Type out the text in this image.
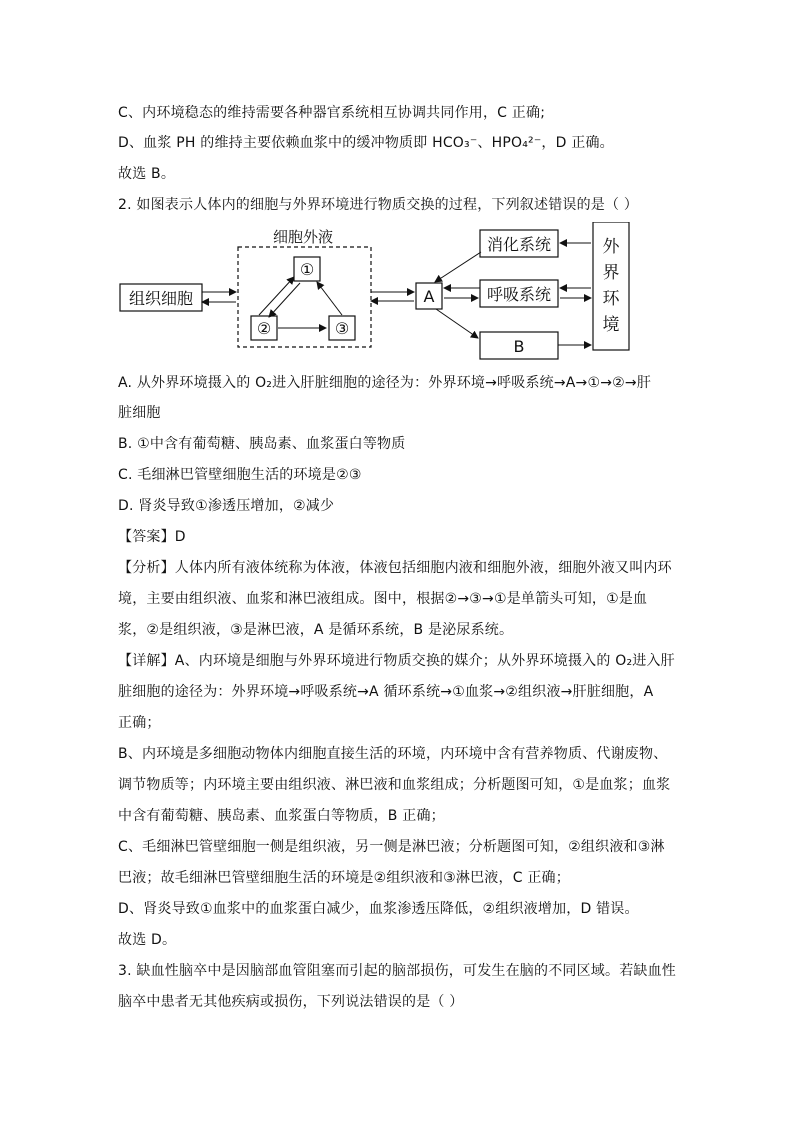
C、内环境稳态的维持需要各种器官系统相互协调共同作用，C 正确;
D、血浆 PH 的维持主要依赖血浆中的缓冲物质即 HCO₃⁻、HPO₄²⁻，D 正确。
故选 B。
2. 如图表示人体内的细胞与外界环境进行物质交换的过程，下列叙述错误的是（ ）
组织细胞
细胞外液
①
②	③
A
消化系统
呼吸系统
B
外
界
环
境
A. 从外界环境摄入的 O₂进入肝脏细胞的途径为：外界环境→呼吸系统→A→①→②→肝
脏细胞
B. ①中含有葡萄糖、胰岛素、血浆蛋白等物质
C. 毛细淋巴管壁细胞生活的环境是②③
D. 肾炎导致①渗透压增加，②减少
【答案】D
【分析】人体内所有液体统称为体液，体液包括细胞内液和细胞外液，细胞外液又叫内环
境，主要由组织液、血浆和淋巴液组成。图中，根据②→③→①是单箭头可知，①是血
浆，②是组织液，③是淋巴液，A 是循环系统，B 是泌尿系统。
【详解】A、内环境是细胞与外界环境进行物质交换的媒介；从外界环境摄入的 O₂进入肝
脏细胞的途径为：外界环境→呼吸系统→A 循环系统→①血浆→②组织液→肝脏细胞，A
正确；
B、内环境是多细胞动物体内细胞直接生活的环境，内环境中含有营养物质、代谢废物、
调节物质等；内环境主要由组织液、淋巴液和血浆组成；分析题图可知，①是血浆；血浆
中含有葡萄糖、胰岛素、血浆蛋白等物质，B 正确；
C、毛细淋巴管壁细胞一侧是组织液，另一侧是淋巴液；分析题图可知，②组织液和③淋
巴液；故毛细淋巴管壁细胞生活的环境是②组织液和③淋巴液，C 正确；
D、肾炎导致①血浆中的血浆蛋白减少，血浆渗透压降低，②组织液增加，D 错误。
故选 D。
3. 缺血性脑卒中是因脑部血管阻塞而引起的脑部损伤，可发生在脑的不同区域。若缺血性
脑卒中患者无其他疾病或损伤，下列说法错误的是（ ）
